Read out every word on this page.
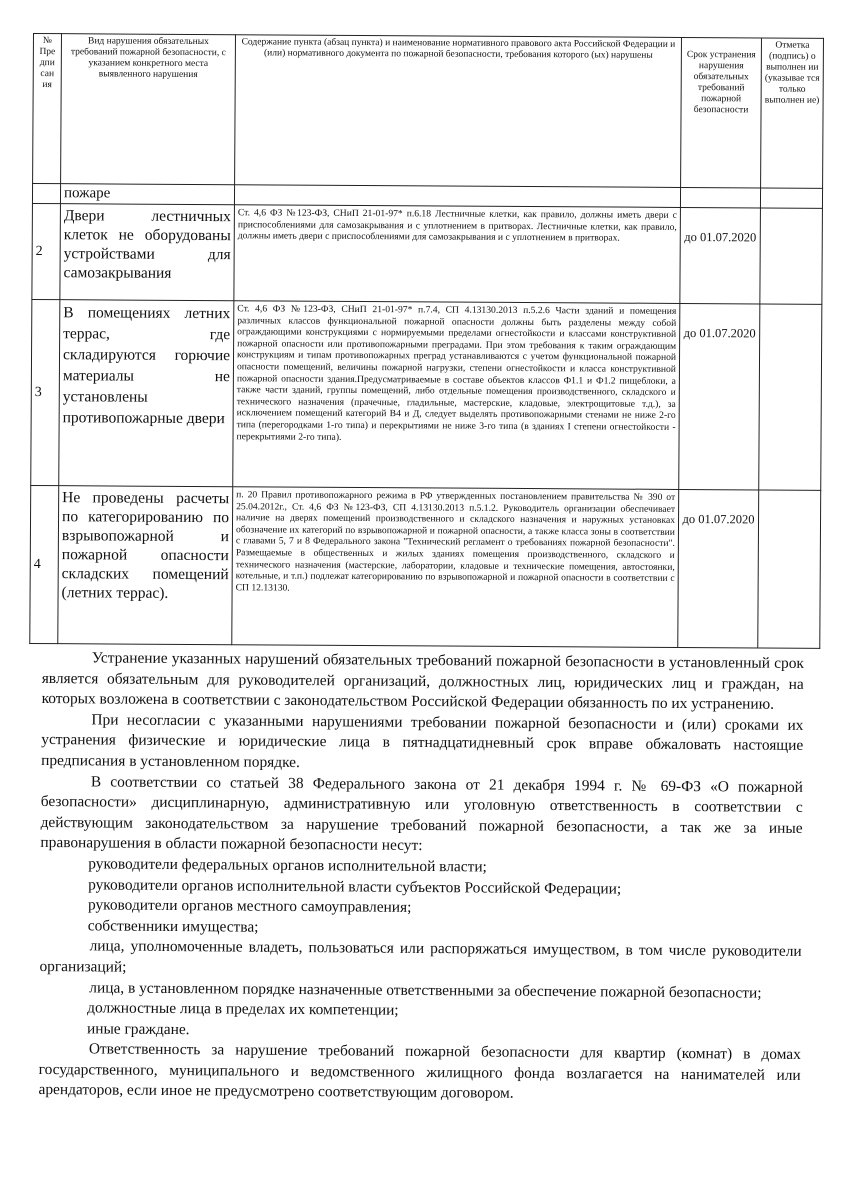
№ Пре дпи сан ия	Вид нарушения обязательных требований пожарной безопасности, с указанием конкретного места выявленного нарушения	Содержание пункта (абзац пункта) и наименование нормативного правового акта Российской Федерации и (или) нормативного документа по пожарной безопасности, требования которого (ых) нарушены	Срок устранения нарушения обязательных требований пожарной безопасности	Отметка (подпись) о выполнен ии (указывае тся только выполнен ие)
	пожаре			
2	Двери лестничных клеток не оборудованы устройствами для самозакрывания	Ст. 4,6 ФЗ №123-ФЗ, СНиП 21-01-97* п.6.18 Лестничные клетки, как правило, должны иметь двери с приспособлениями для самозакрывания и с уплотнением в притворах. Лестничные клетки, как правило, должны иметь двери с приспособлениями для самозакрывания и с уплотнением в притворах.	до 01.07.2020	
3	В помещениях летних террас, где складируются горючие материалы не установлены противопожарные двери	Ст. 4,6 ФЗ №123-ФЗ, СНиП 21-01-97* п.7.4, СП 4.13130.2013 п.5.2.6 Части зданий и помещения различных классов функциональной пожарной опасности должны быть разделены между собой ограждающими конструкциями с нормируемыми пределами огнестойкости и классами конструктивной пожарной опасности или противопожарными преградами. При этом требования к таким ограждающим конструкциям и типам противопожарных преград устанавливаются с учетом функциональной пожарной опасности помещений, величины пожарной нагрузки, степени огнестойкости и класса конструктивной пожарной опасности здания.Предусматриваемые в составе объектов классов Ф1.1 и Ф1.2 пищеблоки, а также части зданий, группы помещений, либо отдельные помещения производственного, складского и технического назначения (прачечные, гладильные, мастерские, кладовые, электрощитовые т.д.), за исключением помещений категорий В4 и Д, следует выделять противопожарными стенами не ниже 2-го типа (перегородками 1-го типа) и перекрытиями не ниже 3-го типа (в зданиях I степени огнестойкости - перекрытиями 2-го типа).	до 01.07.2020	
4	Не проведены расчеты по категорированию по взрывопожарной и пожарной опасности складских помещений (летних террас).	п. 20 Правил противопожарного режима в РФ утвержденных постановлением правительства № 390 от 25.04.2012г., Ст. 4,6 ФЗ №123-ФЗ, СП 4.13130.2013 п.5.1.2. Руководитель организации обеспечивает наличие на дверях помещений производственного и складского назначения и наружных установках обозначение их категорий по взрывопожарной и пожарной опасности, а также класса зоны в соответствии с главами 5, 7 и 8 Федерального закона "Технический регламент о требованиях пожарной безопасности". Размещаемые в общественных и жилых зданиях помещения производственного, складского и технического назначения (мастерские, лаборатории, кладовые и технические помещения, автостоянки, котельные, и т.п.) подлежат категорированию по взрывопожарной и пожарной опасности в соответствии с СП 12.13130.	до 01.07.2020	

Устранение указанных нарушений обязательных требований пожарной безопасности в установленный срок является обязательным для руководителей организаций, должностных лиц, юридических лиц и граждан, на которых возложена в соответствии с законодательством Российской Федерации обязанность по их устранению.

При несогласии с указанными нарушениями требовании пожарной безопасности и (или) сроками их устранения физические и юридические лица в пятнадцатидневный срок вправе обжаловать настоящие предписания в установленном порядке.

В соответствии со статьей 38 Федерального закона от 21 декабря 1994 г. № 69-ФЗ «О пожарной безопасности» дисциплинарную, административную или уголовную ответственность в соответствии с действующим законодательством за нарушение требований пожарной безопасности, а так же за иные правонарушения в области пожарной безопасности несут:

руководители федеральных органов исполнительной власти;

руководители органов исполнительной власти субъектов Российской Федерации;

руководители органов местного самоуправления;

собственники имущества;

лица, уполномоченные владеть, пользоваться или распоряжаться имуществом, в том числе руководители организаций;

лица, в установленном порядке назначенные ответственными за обеспечение пожарной безопасности;

должностные лица в пределах их компетенции;

иные граждане.

Ответственность за нарушение требований пожарной безопасности для квартир (комнат) в домах государственного, муниципального и ведомственного жилищного фонда возлагается на нанимателей или арендаторов, если иное не предусмотрено соответствующим договором.
